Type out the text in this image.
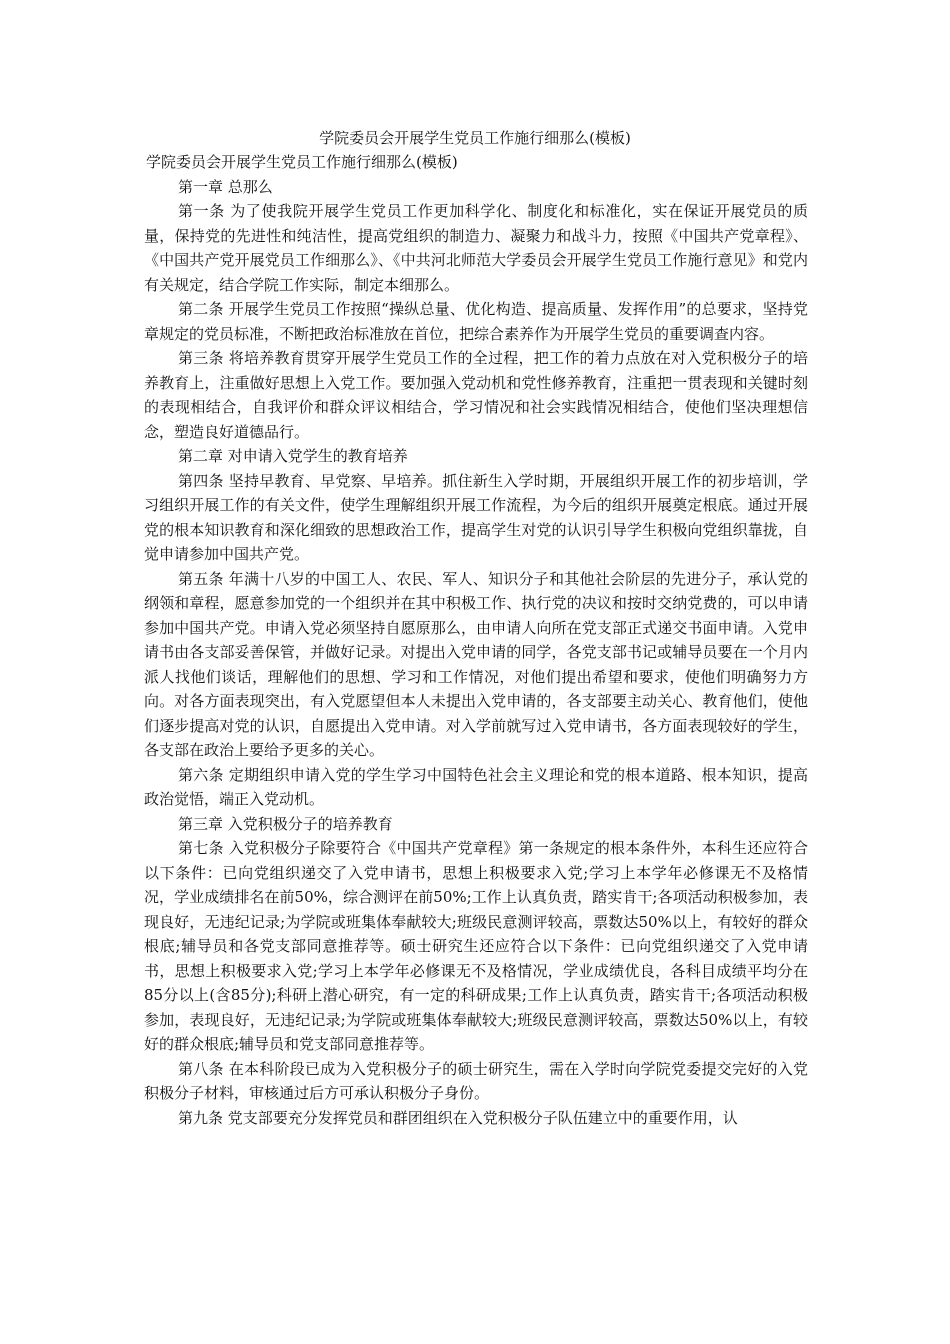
学院委员会开展学生党员工作施行细那么(模板)

学院委员会开展学生党员工作施行细那么(模板)

第一章 总那么

第一条 为了使我院开展学生党员工作更加科学化、制度化和标准化，实在保证开展党员的质量，保持党的先进性和纯洁性，提高党组织的制造力、凝聚力和战斗力，按照《中国共产党章程》、《中国共产党开展党员工作细那么》、《中共河北师范大学委员会开展学生党员工作施行意见》和党内有关规定，结合学院工作实际，制定本细那么。

第二条 开展学生党员工作按照“操纵总量、优化构造、提高质量、发挥作用”的总要求，坚持党章规定的党员标准，不断把政治标准放在首位，把综合素养作为开展学生党员的重要调查内容。

第三条 将培养教育贯穿开展学生党员工作的全过程，把工作的着力点放在对入党积极分子的培养教育上，注重做好思想上入党工作。要加强入党动机和党性修养教育，注重把一贯表现和关键时刻的表现相结合，自我评价和群众评议相结合，学习情况和社会实践情况相结合，使他们坚决理想信念，塑造良好道德品行。

第二章 对申请入党学生的教育培养

第四条 坚持早教育、早党察、早培养。抓住新生入学时期，开展组织开展工作的初步培训，学习组织开展工作的有关文件，使学生理解组织开展工作流程，为今后的组织开展奠定根底。通过开展党的根本知识教育和深化细致的思想政治工作，提高学生对党的认识引导学生积极向党组织靠拢，自觉申请参加中国共产党。

第五条 年满十八岁的中国工人、农民、军人、知识分子和其他社会阶层的先进分子，承认党的纲领和章程，愿意参加党的一个组织并在其中积极工作、执行党的决议和按时交纳党费的，可以申请参加中国共产党。申请入党必须坚持自愿原那么，由申请人向所在党支部正式递交书面申请。入党申请书由各支部妥善保管，并做好记录。对提出入党申请的同学，各党支部书记或辅导员要在一个月内派人找他们谈话，理解他们的思想、学习和工作情况，对他们提出希望和要求，使他们明确努力方向。对各方面表现突出，有入党愿望但本人未提出入党申请的，各支部要主动关心、教育他们，使他们逐步提高对党的认识，自愿提出入党申请。对入学前就写过入党申请书，各方面表现较好的学生，各支部在政治上要给予更多的关心。

第六条 定期组织申请入党的学生学习中国特色社会主义理论和党的根本道路、根本知识，提高政治觉悟，端正入党动机。

第三章 入党积极分子的培养教育

第七条 入党积极分子除要符合《中国共产党章程》第一条规定的根本条件外，本科生还应符合以下条件：已向党组织递交了入党申请书，思想上积极要求入党;学习上本学年必修课无不及格情况，学业成绩排名在前50%，综合测评在前50%;工作上认真负责，踏实肯干;各项活动积极参加，表现良好，无违纪记录;为学院或班集体奉献较大;班级民意测评较高，票数达50%以上，有较好的群众根底;辅导员和各党支部同意推荐等。硕士研究生还应符合以下条件：已向党组织递交了入党申请书，思想上积极要求入党;学习上本学年必修课无不及格情况，学业成绩优良，各科目成绩平均分在85分以上(含85分);科研上潜心研究，有一定的科研成果;工作上认真负责，踏实肯干;各项活动积极参加，表现良好，无违纪记录;为学院或班集体奉献较大;班级民意测评较高，票数达50%以上，有较好的群众根底;辅导员和党支部同意推荐等。

第八条 在本科阶段已成为入党积极分子的硕士研究生，需在入学时向学院党委提交完好的入党积极分子材料，审核通过后方可承认积极分子身份。

第九条 党支部要充分发挥党员和群团组织在入党积极分子队伍建立中的重要作用，认
